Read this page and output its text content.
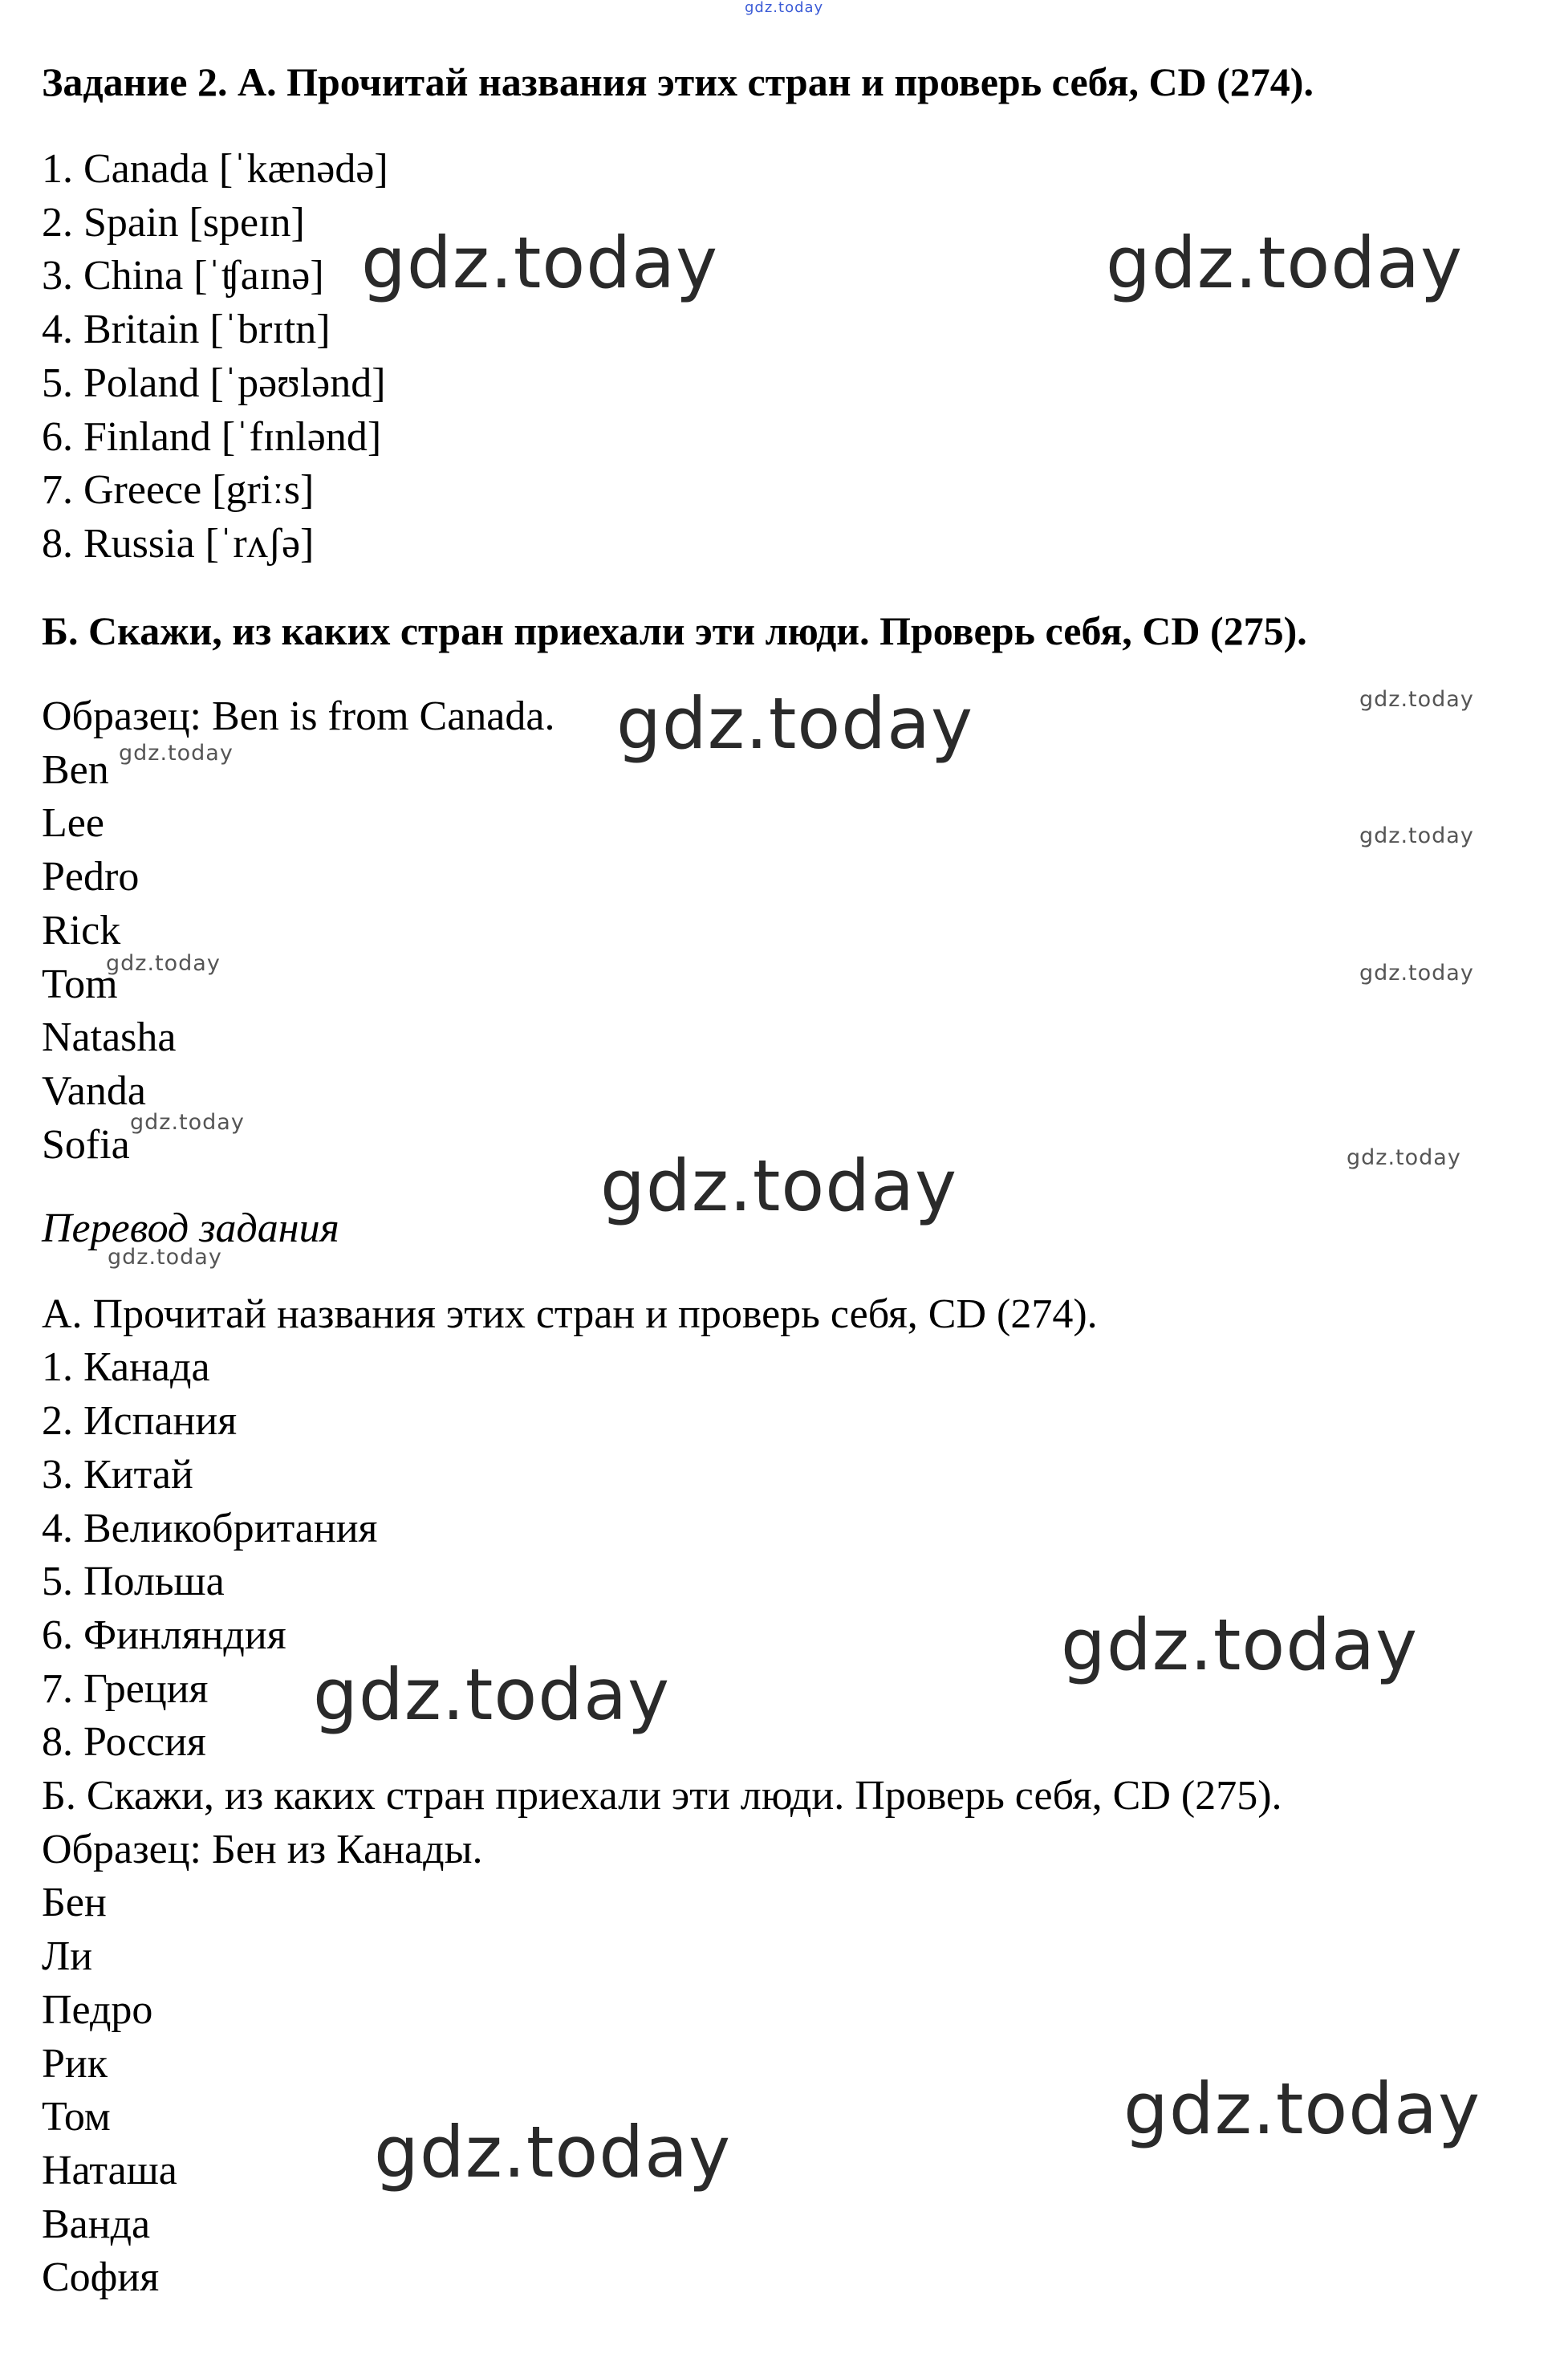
Задание 2. А. Прочитай названия этих стран и проверь себя, CD (274).
1. Canada [ˈkænədə]
2. Spain [speɪn]
3. China [ˈʧaɪnə]
4. Britain [ˈbrɪtn]
5. Poland [ˈpəʊlənd]
6. Finland [ˈfɪnlənd]
7. Greece [griːs]
8. Russia [ˈrʌʃə]
Б. Скажи, из каких стран приехали эти люди. Проверь себя, CD (275).
Образец: Ben is from Canada.
Ben
Lee
Pedro
Rick
Tom
Natasha
Vanda
Sofia
Перевод задания
А. Прочитай названия этих стран и проверь себя, CD (274).
1. Канада
2. Испания
3. Китай
4. Великобритания
5. Польша
6. Финляндия
7. Греция
8. Россия
Б. Скажи, из каких стран приехали эти люди. Проверь себя, CD (275).
Образец: Бен из Канады.
Бен
Ли
Педро
Рик
Том
Наташа
Ванда
София
gdz.today
gdz.today	gdz.today
gdz.today
gdz.today
gdz.today
gdz.today
gdz.today
gdz.today
gdz.today
gdz.today
gdz.today
gdz.today
gdz.today
gdz.today
gdz.today
gdz.today
